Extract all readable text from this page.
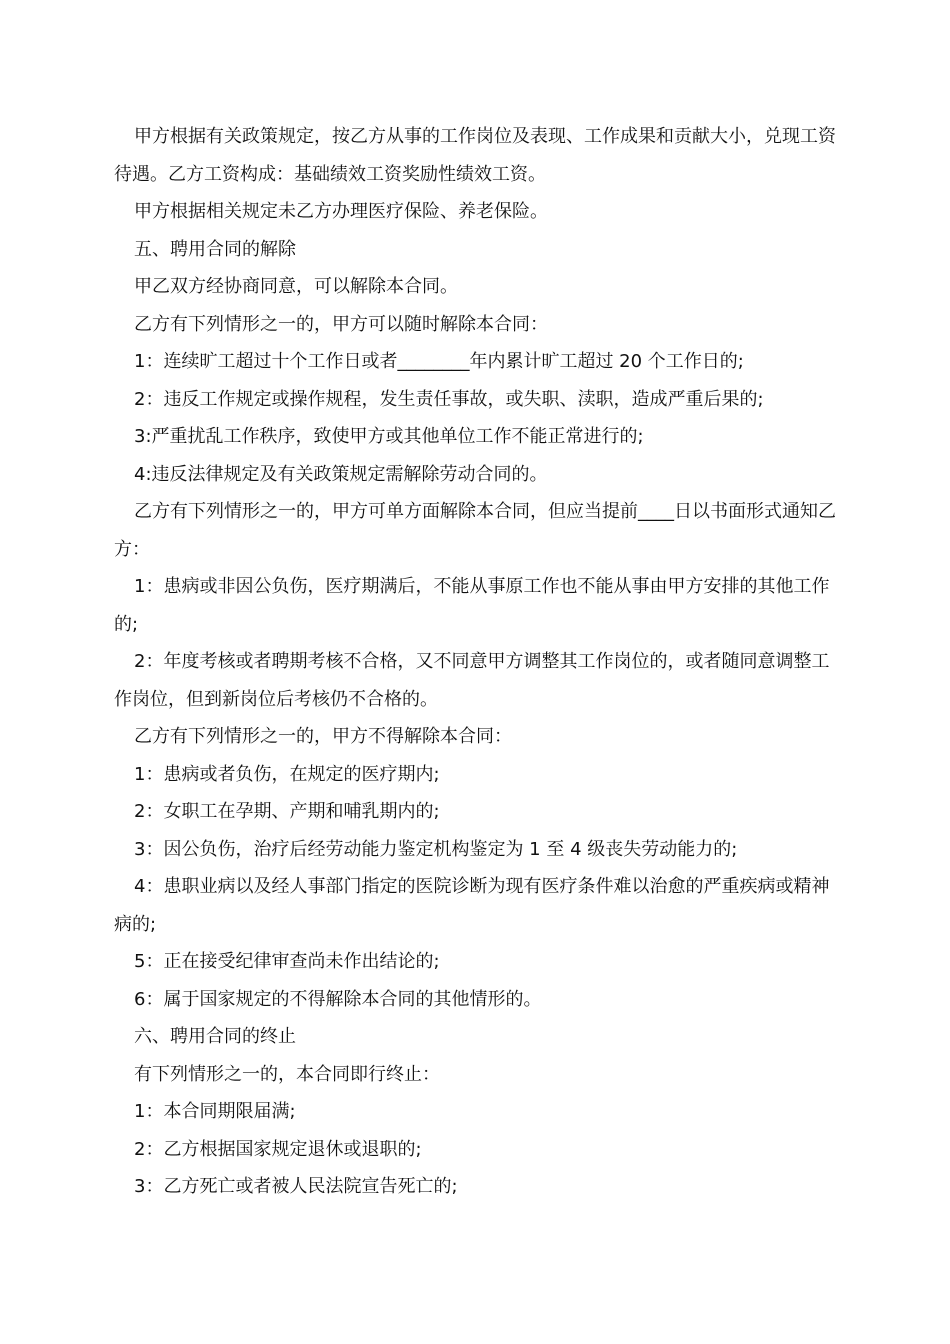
甲方根据有关政策规定，按乙方从事的工作岗位及表现、工作成果和贡献大小，兑现工资待遇。乙方工资构成：基础绩效工资奖励性绩效工资。

甲方根据相关规定未乙方办理医疗保险、养老保险。

五、聘用合同的解除

甲乙双方经协商同意，可以解除本合同。

乙方有下列情形之一的，甲方可以随时解除本合同：

1：连续旷工超过十个工作日或者________年内累计旷工超过 20 个工作日的;

2：违反工作规定或操作规程，发生责任事故，或失职、渎职，造成严重后果的;

3:严重扰乱工作秩序，致使甲方或其他单位工作不能正常进行的;

4:违反法律规定及有关政策规定需解除劳动合同的。

乙方有下列情形之一的，甲方可单方面解除本合同，但应当提前____日以书面形式通知乙方：

1：患病或非因公负伤，医疗期满后，不能从事原工作也不能从事由甲方安排的其他工作的;

2：年度考核或者聘期考核不合格，又不同意甲方调整其工作岗位的，或者随同意调整工作岗位，但到新岗位后考核仍不合格的。

乙方有下列情形之一的，甲方不得解除本合同：

1：患病或者负伤，在规定的医疗期内;

2：女职工在孕期、产期和哺乳期内的;

3：因公负伤，治疗后经劳动能力鉴定机构鉴定为 1 至 4 级丧失劳动能力的;

4：患职业病以及经人事部门指定的医院诊断为现有医疗条件难以治愈的严重疾病或精神病的;

5：正在接受纪律审查尚未作出结论的;

6：属于国家规定的不得解除本合同的其他情形的。

六、聘用合同的终止

有下列情形之一的，本合同即行终止：

1：本合同期限届满;

2：乙方根据国家规定退休或退职的;

3：乙方死亡或者被人民法院宣告死亡的;
